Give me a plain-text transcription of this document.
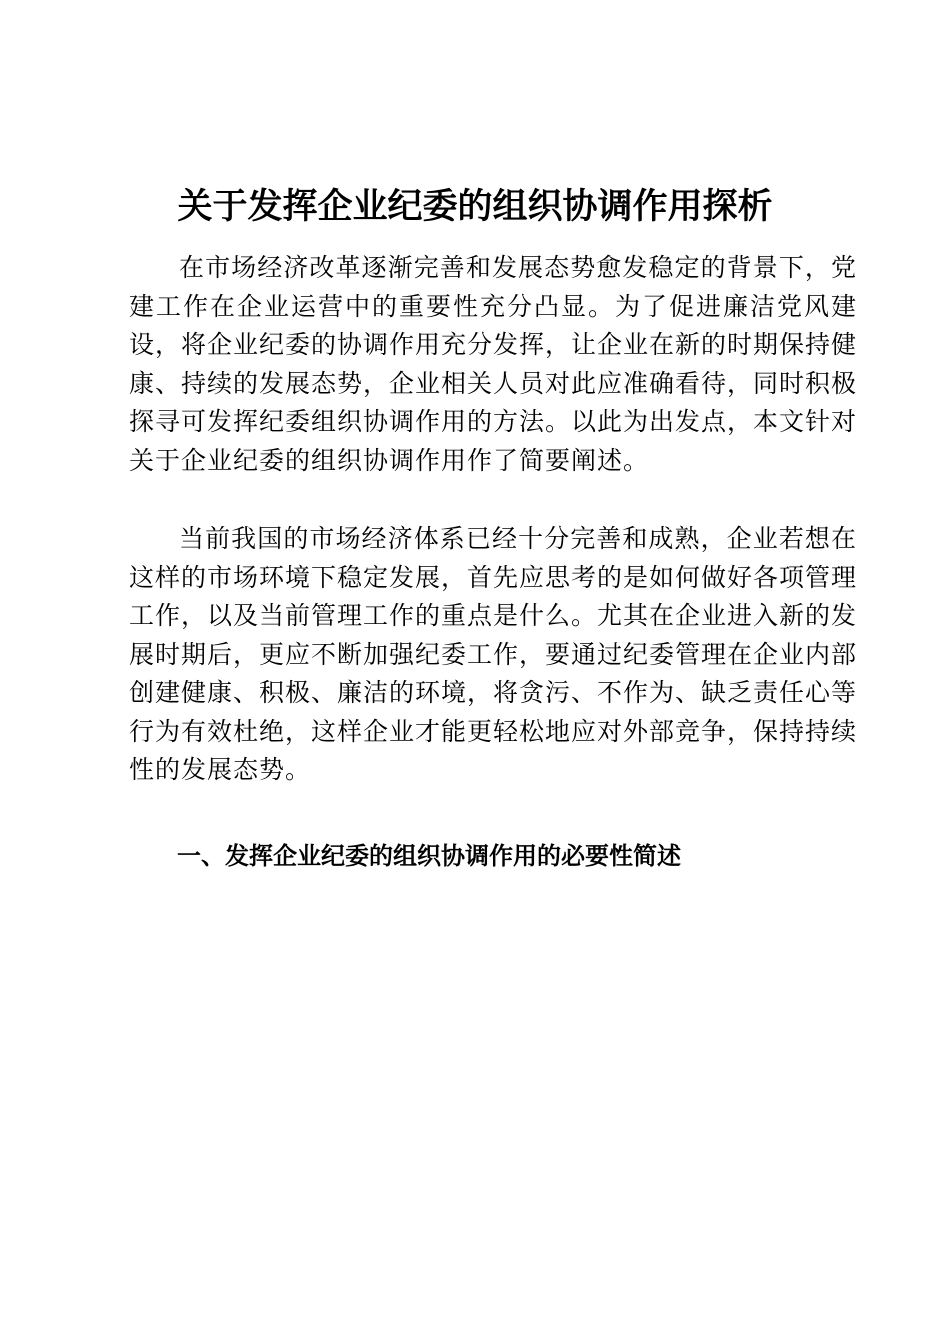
关于发挥企业纪委的组织协调作用探析

在市场经济改革逐渐完善和发展态势愈发稳定的背景下，党建工作在企业运营中的重要性充分凸显。为了促进廉洁党风建设，将企业纪委的协调作用充分发挥，让企业在新的时期保持健康、持续的发展态势，企业相关人员对此应准确看待，同时积极探寻可发挥纪委组织协调作用的方法。以此为出发点，本文针对关于企业纪委的组织协调作用作了简要阐述。

当前我国的市场经济体系已经十分完善和成熟，企业若想在这样的市场环境下稳定发展，首先应思考的是如何做好各项管理工作，以及当前管理工作的重点是什么。尤其在企业进入新的发展时期后，更应不断加强纪委工作，要通过纪委管理在企业内部创建健康、积极、廉洁的环境，将贪污、不作为、缺乏责任心等行为有效杜绝，这样企业才能更轻松地应对外部竞争，保持持续性的发展态势。

一、发挥企业纪委的组织协调作用的必要性简述
